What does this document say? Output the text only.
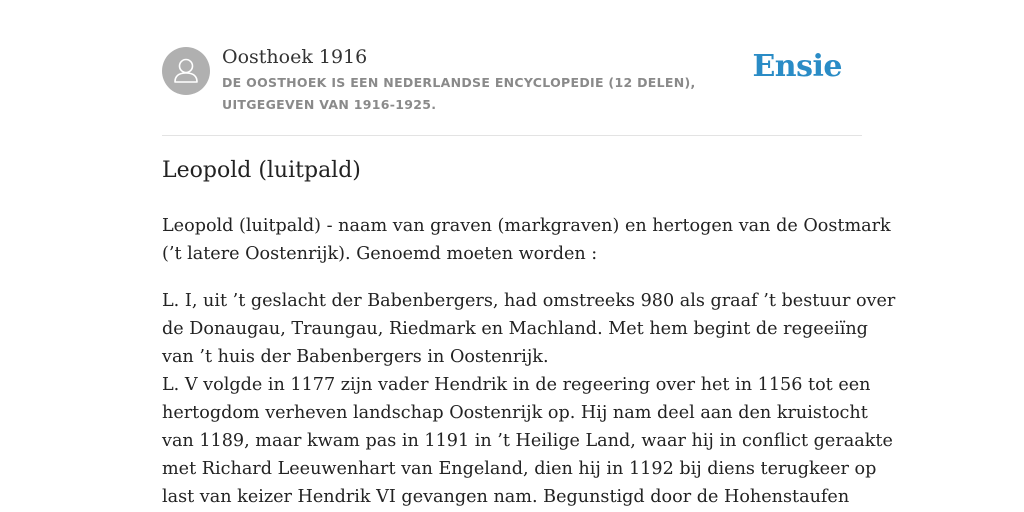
Oosthoek 1916
DE OOSTHOEK IS EEN NEDERLANDSE ENCYCLOPEDIE (12 DELEN), UITGEGEVEN VAN 1916-1925.
Ensie
Leopold (luitpald)

Leopold (luitpald) - naam van graven (markgraven) en hertogen van de Oostmark
(’t latere Oostenrijk). Genoemd moeten worden :

L. I, uit ’t geslacht der Babenbergers, had omstreeks 980 als graaf ’t bestuur over
de Donaugau, Traungau, Riedmark en Machland. Met hem begint de regeeiïng
van ’t huis der Babenbergers in Oostenrijk.
L. V volgde in 1177 zijn vader Hendrik in de regeering over het in 1156 tot een
hertogdom verheven landschap Oostenrijk op. Hij nam deel aan den kruistocht
van 1189, maar kwam pas in 1191 in ’t Heilige Land, waar hij in conflict geraakte
met Richard Leeuwenhart van Engeland, dien hij in 1192 bij diens terugkeer op
last van keizer Hendrik VI gevangen nam. Begunstigd door de Hohenstaufen
